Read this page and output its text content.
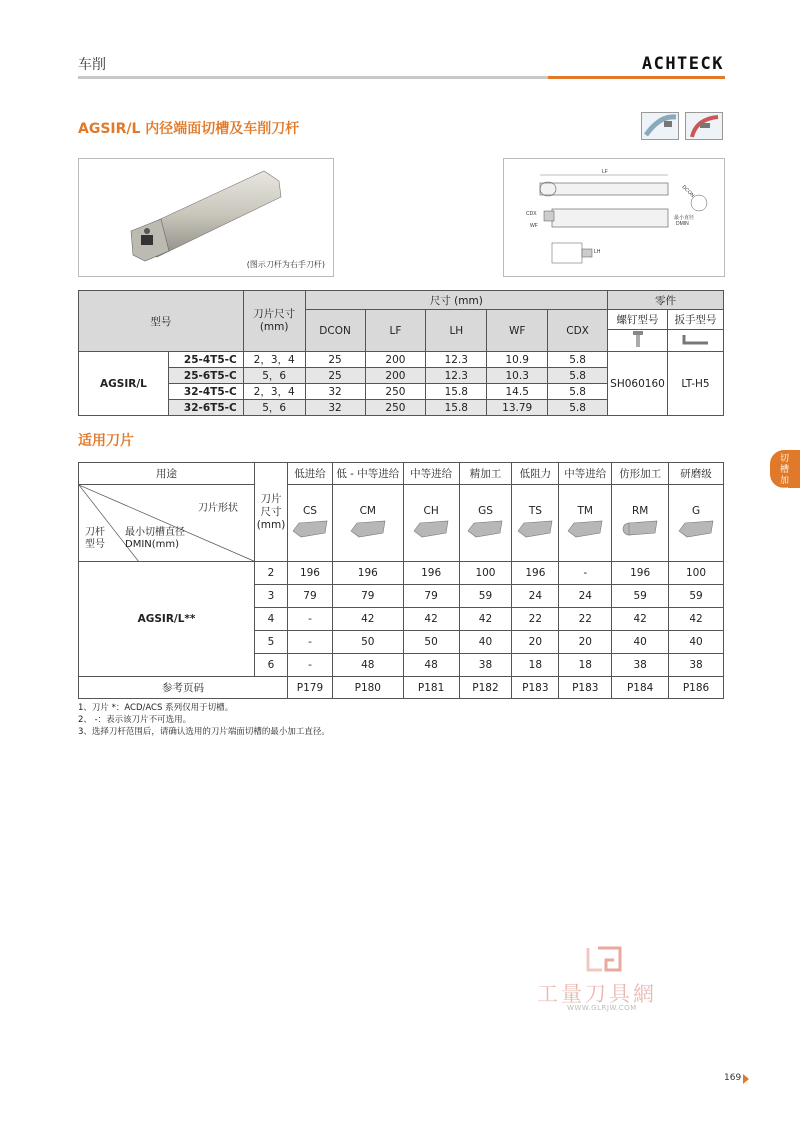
车削	ACHTECK
AGSIR/L 内径端面切槽及车削刀杆
(图示刀杆为右手刀杆)
LF
CDX
WF
DCON
最小直径
DMIN
LH
型号		刀片尺寸
(mm)	尺寸 (mm)					零件	
			DCON	LF	LH	WF	CDX	螺钉型号	扳手型号

AGSIR/L	25-4T5-C	2，3，4	25	200	12.3	10.9	5.8	SH060160	LT-H5
	25-6T5-C	5，6	25	200	12.3	10.3	5.8		
	32-4T5-C	2，3，4	32	250	15.8	14.5	5.8		
	32-6T5-C	5，6	32	250	15.8	13.79	5.8		
适用刀片
切槽加工
用途	刀片
尺寸
(mm)	低进给	低 - 中等进给	中等进给	精加工	低阻力	中等进给	仿形加工	研磨级

刀片形状
刀杆
型号
最小切槽直径
DMIN(mm)		CS	CM	CH	GS	TS	TM	RM	G

AGSIR/L**	2	196	196	196	100	196	-	196	100
	3	79	79	79	59	24	24	59	59
	4	-	42	42	42	22	22	42	42
	5	-	50	50	40	20	20	40	40
	6	-	48	48	38	18	18	38	38
参考页码		P179	P180	P181	P182	P183	P183	P184	P186
1、刀片 *：ACD/ACS 系列仅用于切槽。
2、 -：表示该刀片不可选用。
3、选择刀杆范围后，请确认选用的刀片端面切槽的最小加工直径。
工量刀具網
WWW.GLRJW.COM
169
